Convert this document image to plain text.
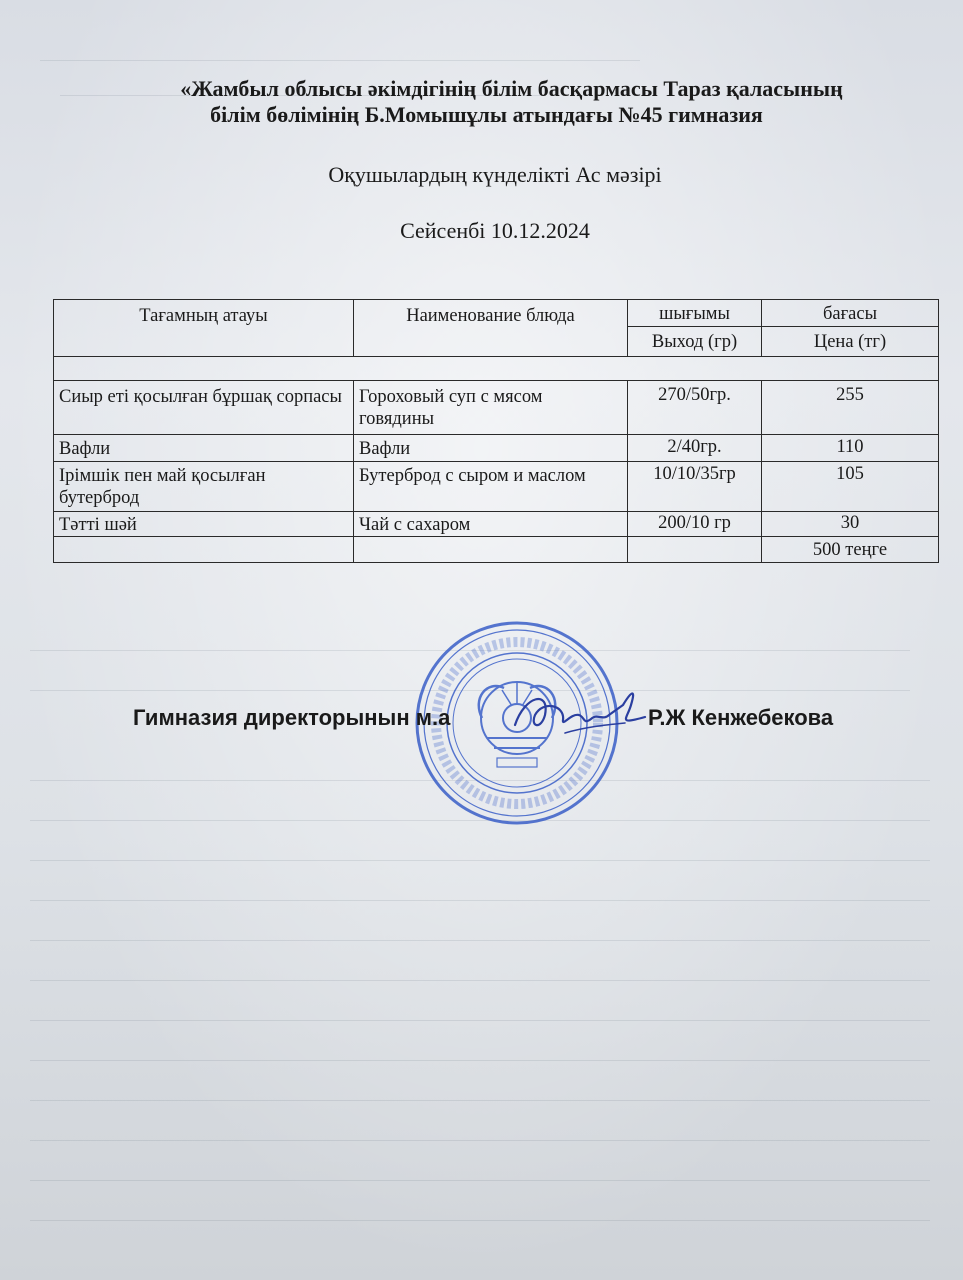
«Жамбыл облысы әкімдігінің білім басқармасы Тараз қаласының
білім бөлімінің Б.Момышұлы атындағы №45 гимназия
Оқушылардың күнделікті Ас мәзірі
Сейсенбі 10.12.2024
Тағамның атауы	Наименование блюда	шығымы	бағасы
		Выход (гр)	Цена (тг)

Сиыр еті қосылған бұршақ сорпасы	Гороховый суп с мясом говядины	270/50гр.	255
Вафли	Вафли	2/40гр.	110
Ірімшік пен май қосылған бутерброд	Бутерброд с сыром и маслом	10/10/35гр	105
Тәтті шәй	Чай с сахаром	200/10 гр	30
			500 теңге
Гимназия директорынын м.а	Р.Ж Кенжебекова
